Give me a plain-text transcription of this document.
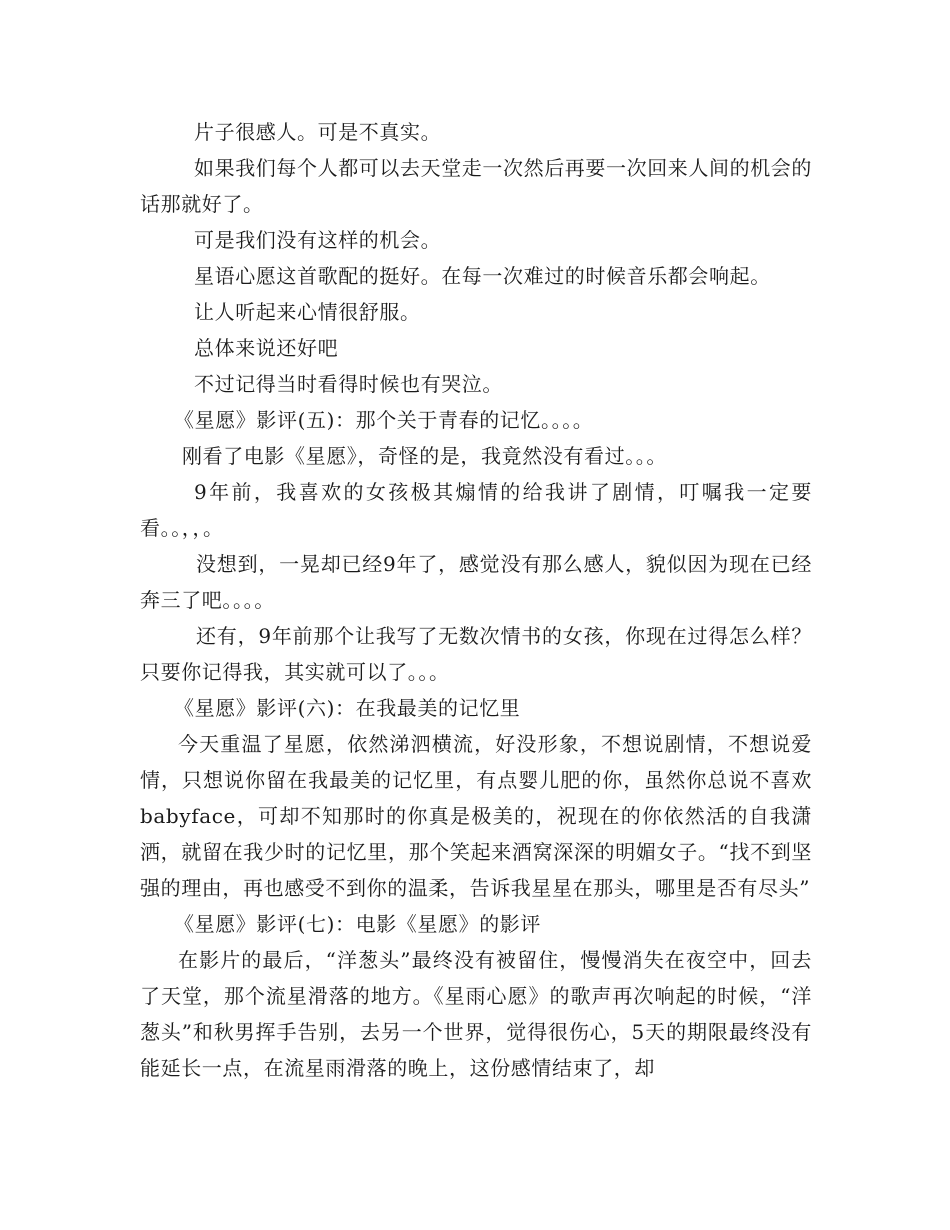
片子很感人。可是不真实。

如果我们每个人都可以去天堂走一次然后再要一次回来人间的机会的话那就好了。

可是我们没有这样的机会。

星语心愿这首歌配的挺好。在每一次难过的时候音乐都会响起。

让人听起来心情很舒服。

总体来说还好吧

不过记得当时看得时候也有哭泣。

《星愿》影评(五)：那个关于青春的记忆。。。。

刚看了电影《星愿》，奇怪的是，我竟然没有看过。。。

9年前，我喜欢的女孩极其煽情的给我讲了剧情，叮嘱我一定要看。。，，。

没想到，一晃却已经9年了，感觉没有那么感人，貌似因为现在已经奔三了吧。。。。

还有，9年前那个让我写了无数次情书的女孩，你现在过得怎么样？只要你记得我，其实就可以了。。。

《星愿》影评(六)：在我最美的记忆里

今天重温了星愿，依然涕泗横流，好没形象，不想说剧情，不想说爱情，只想说你留在我最美的记忆里，有点婴儿肥的你，虽然你总说不喜欢babyface，可却不知那时的你真是极美的，祝现在的你依然活的自我潇洒，就留在我少时的记忆里，那个笑起来酒窝深深的明媚女子。“找不到坚强的理由，再也感受不到你的温柔，告诉我星星在那头，哪里是否有尽头”

《星愿》影评(七)：电影《星愿》的影评

在影片的最后，“洋葱头”最终没有被留住，慢慢消失在夜空中，回去了天堂，那个流星滑落的地方。《星雨心愿》的歌声再次响起的时候，“洋葱头”和秋男挥手告别，去另一个世界，觉得很伤心，5天的期限最终没有能延长一点，在流星雨滑落的晚上，这份感情结束了，却
